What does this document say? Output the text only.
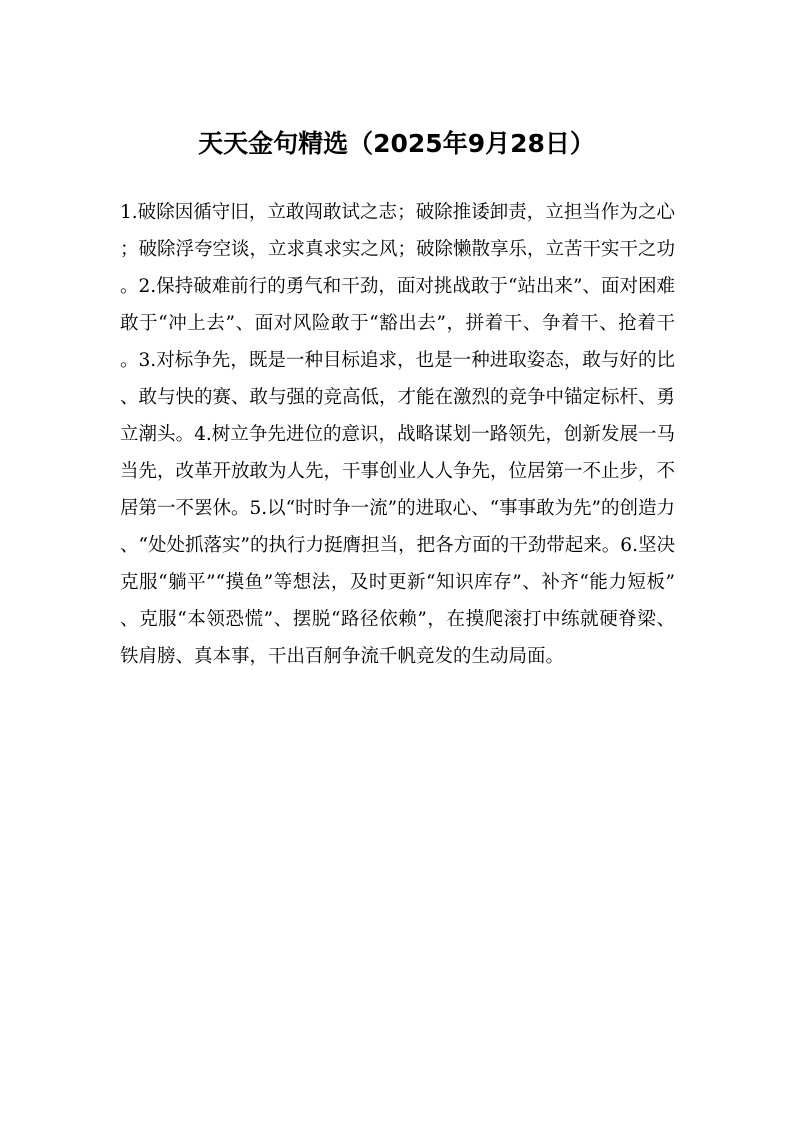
天天金句精选（2025年9月28日）

1.破除因循守旧，立敢闯敢试之志；破除推诿卸责，立担当作为之心；破除浮夸空谈，立求真求实之风；破除懒散享乐，立苦干实干之功。2.保持破难前行的勇气和干劲，面对挑战敢于“站出来”、面对困难敢于“冲上去”、面对风险敢于“豁出去”，拼着干、争着干、抢着干。3.对标争先，既是一种目标追求，也是一种进取姿态，敢与好的比、敢与快的赛、敢与强的竞高低，才能在激烈的竞争中锚定标杆、勇立潮头。4.树立争先进位的意识，战略谋划一路领先，创新发展一马当先，改革开放敢为人先，干事创业人人争先，位居第一不止步，不居第一不罢休。5.以“时时争一流”的进取心、“事事敢为先”的创造力、“处处抓落实”的执行力挺膺担当，把各方面的干劲带起来。6.坚决克服“躺平”“摸鱼”等想法，及时更新“知识库存”、补齐“能力短板”、克服“本领恐慌”、摆脱“路径依赖”，在摸爬滚打中练就硬脊梁、铁肩膀、真本事，干出百舸争流千帆竞发的生动局面。
